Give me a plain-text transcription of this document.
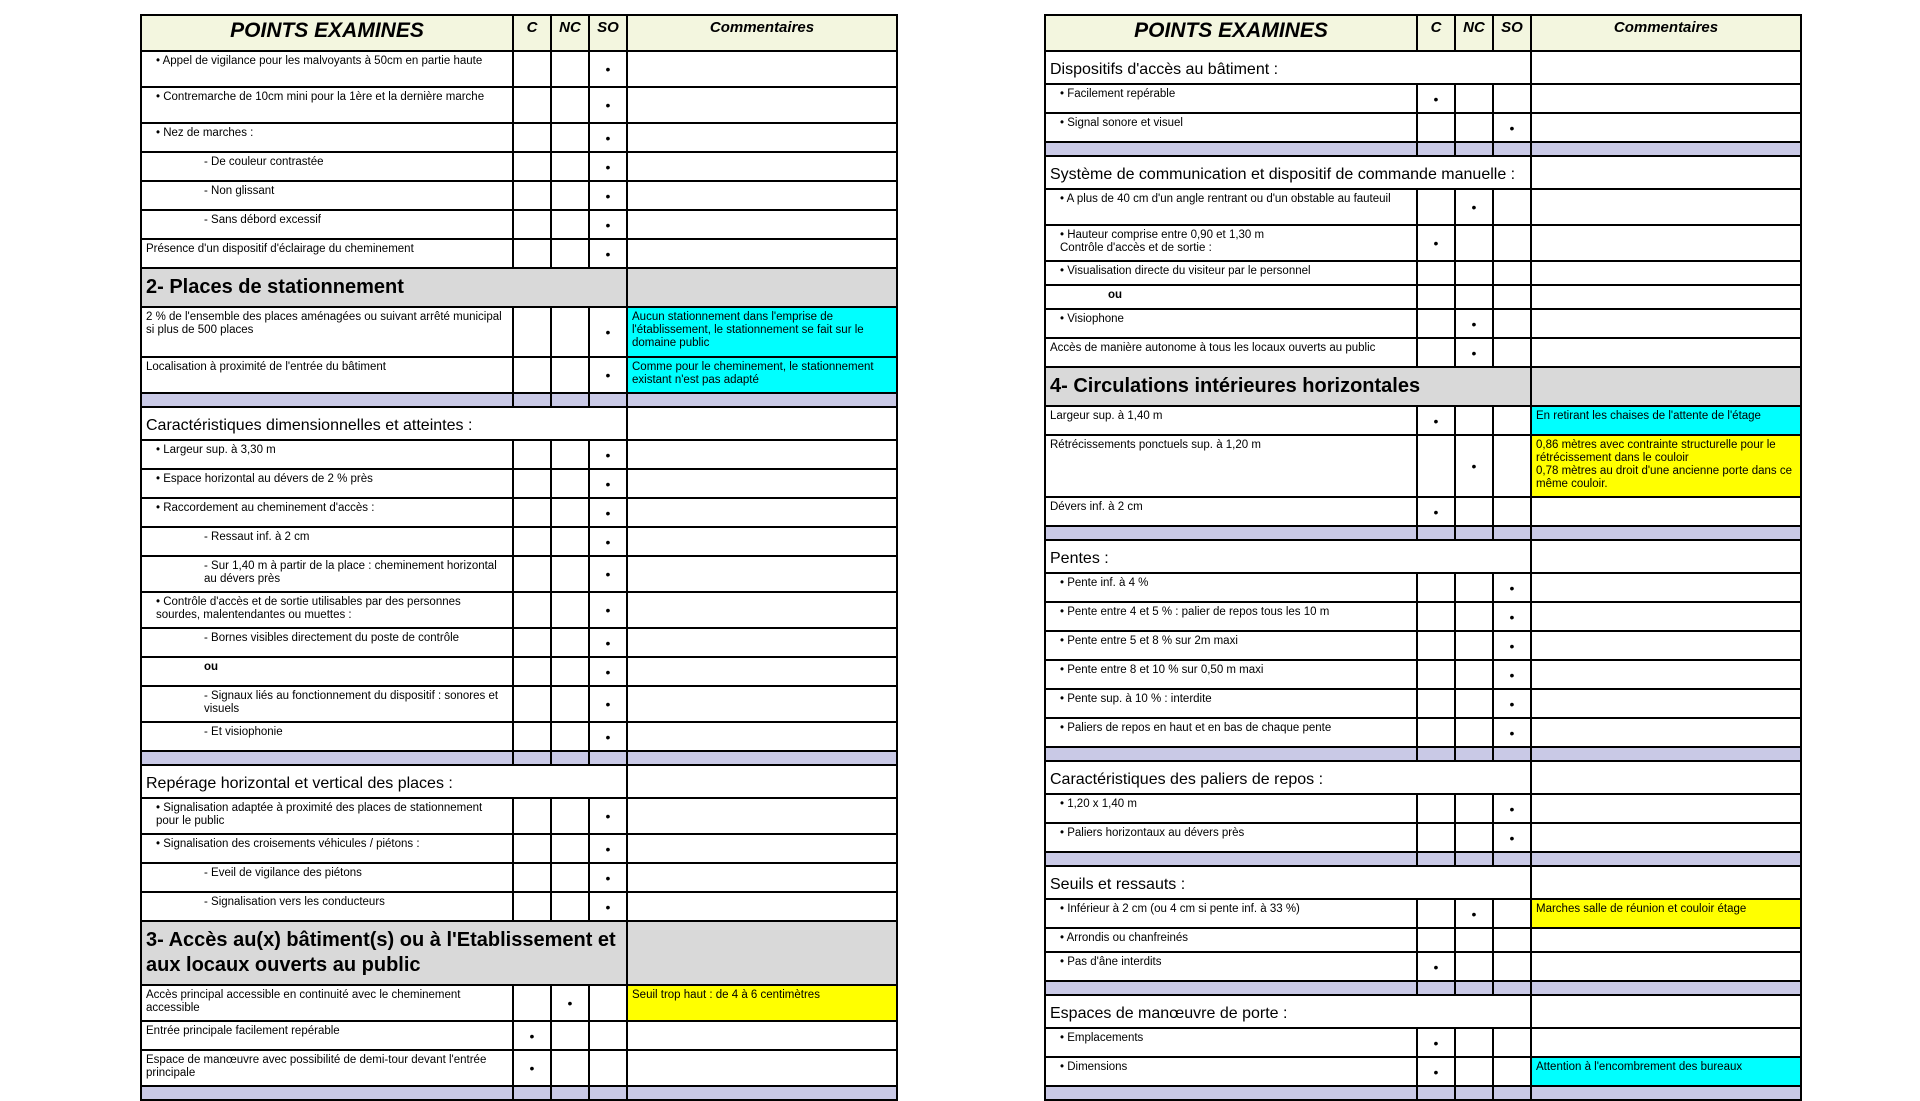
POINTS EXAMINES	C	NC	SO	Commentaires
• Appel de vigilance pour les malvoyants à 50cm en partie haute			•	
• Contremarche de 10cm mini pour la 1ère et la dernière marche			•	
• Nez de marches :			•	
- De couleur contrastée			•	
- Non glissant			•	
- Sans débord excessif			•	
Présence d'un dispositif d'éclairage du cheminement			•	
2- Places de stationnement				
2 % de l'ensemble des places aménagées ou suivant arrêté municipal si plus de 500 places			•	Aucun stationnement dans l'emprise de l'établissement, le stationnement se fait sur le domaine public
Localisation à proximité de l'entrée du bâtiment			•	Comme pour le cheminement, le stationnement existant n'est pas adapté

Caractéristiques dimensionnelles et atteintes :				
• Largeur sup. à 3,30 m			•	
• Espace horizontal au dévers de 2 % près			•	
• Raccordement au cheminement d'accès :			•	
- Ressaut inf. à 2 cm			•	
- Sur 1,40 m à partir de la place : cheminement horizontal au dévers près			•	
• Contrôle d'accès et de sortie utilisables par des personnes sourdes, malentendantes ou muettes :			•	
- Bornes visibles directement du poste de contrôle			•	
ou			•	
- Signaux liés au fonctionnement du dispositif : sonores et visuels			•	
- Et visiophonie			•	

Repérage horizontal et vertical des places :				
• Signalisation adaptée à proximité des places de stationnement pour le public			•	
• Signalisation des croisements véhicules / piétons :			•	
- Eveil de vigilance des piétons			•	
- Signalisation vers les conducteurs			•	
3- Accès au(x) bâtiment(s) ou à l'Etablissement et aux locaux ouverts au public				
Accès principal accessible en continuité avec le cheminement accessible		•		Seuil trop haut : de 4 à 6 centimètres
Entrée principale facilement repérable	•			
Espace de manœuvre avec possibilité de demi-tour devant l'entrée principale	•			

POINTS EXAMINES	C	NC	SO	Commentaires
Dispositifs d'accès au bâtiment :				
• Facilement repérable	•			
• Signal sonore et visuel			•	

Système de communication et dispositif de commande manuelle :				
• A plus de 40 cm d'un angle rentrant ou d'un obstable au fauteuil		•		
• Hauteur comprise entre 0,90 et 1,30 m
Contrôle d'accès et de sortie :	•			
• Visualisation directe du visiteur par le personnel				
ou				
• Visiophone		•		
Accès de manière autonome à tous les locaux ouverts au public		•		
4- Circulations intérieures horizontales				
Largeur sup. à 1,40 m	•			En retirant les chaises de l'attente de l'étage
Rétrécissements ponctuels sup. à 1,20 m		•		0,86 mètres avec contrainte structurelle pour le rétrécissement dans le couloir
0,78 mètres au droit d'une ancienne porte dans ce même couloir.
Dévers inf. à 2 cm	•			

Pentes :				
• Pente inf. à 4 %			•	
• Pente entre 4 et 5 % : palier de repos tous les 10 m			•	
• Pente entre 5 et 8 % sur 2m maxi			•	
• Pente entre 8 et 10 % sur 0,50 m maxi			•	
• Pente sup. à 10 % : interdite			•	
• Paliers de repos en haut et en bas de chaque pente			•	

Caractéristiques des paliers de repos :				
• 1,20 x 1,40 m			•	
• Paliers horizontaux au dévers près			•	

Seuils et ressauts :				
• Inférieur à 2 cm (ou 4 cm si pente inf. à 33 %)		•		Marches salle de réunion et couloir étage
• Arrondis ou chanfreinés				
• Pas d'âne interdits	•			

Espaces de manœuvre de porte :				
• Emplacements	•			
• Dimensions	•			Attention à l'encombrement des bureaux
